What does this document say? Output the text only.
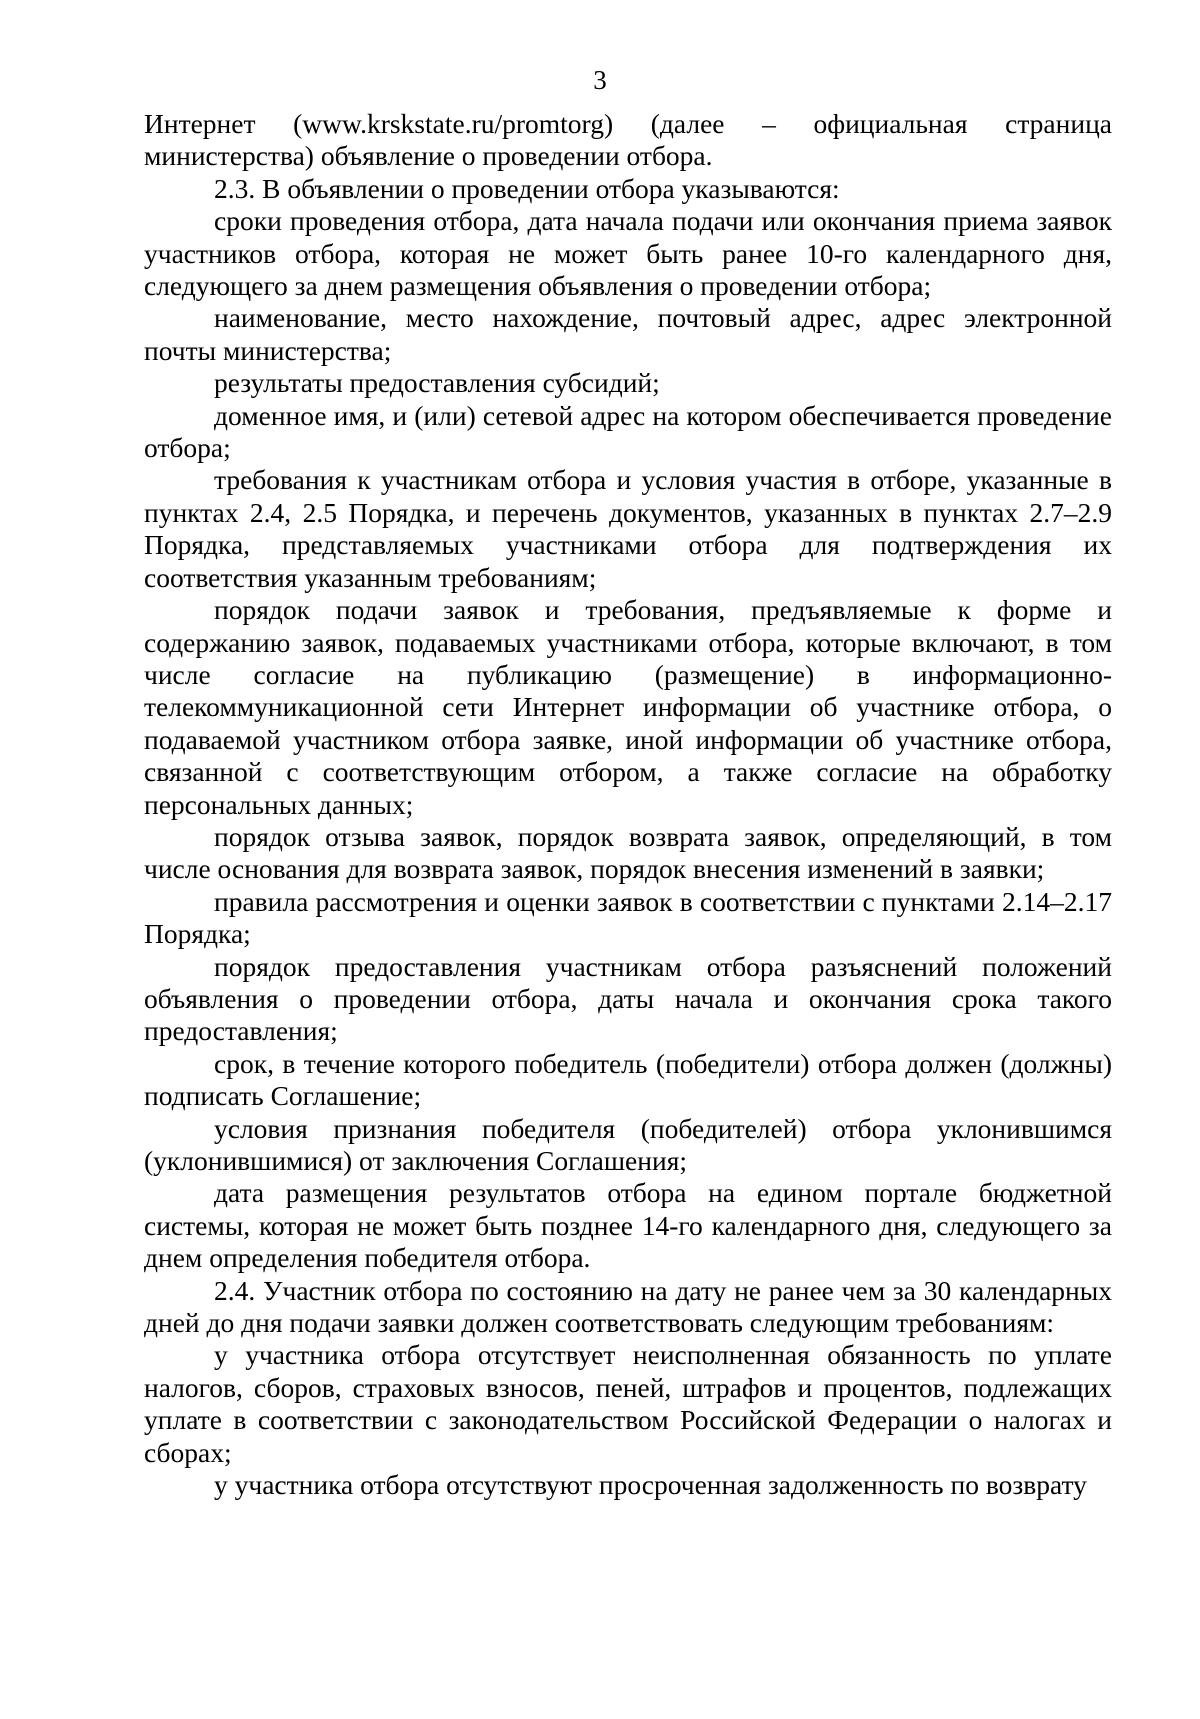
3

Интернет (www.krskstate.ru/promtorg) (далее – официальная страница министерства) объявление о проведении отбора.

2.3. В объявлении о проведении отбора указываются:

сроки проведения отбора, дата начала подачи или окончания приема заявок участников отбора, которая не может быть ранее 10-го календарного дня, следующего за днем размещения объявления о проведении отбора;

наименование, место нахождение, почтовый адрес, адрес электронной почты министерства;

результаты предоставления субсидий;

доменное имя, и (или) сетевой адрес на котором обеспечивается проведение отбора;

требования к участникам отбора и условия участия в отборе, указанные в пунктах 2.4, 2.5 Порядка, и перечень документов, указанных в пунктах 2.7–2.9 Порядка, представляемых участниками отбора для подтверждения их соответствия указанным требованиям;

порядок подачи заявок и требования, предъявляемые к форме и содержанию заявок, подаваемых участниками отбора, которые включают, в том числе согласие на публикацию (размещение) в информационно-телекоммуникационной сети Интернет информации об участнике отбора, о подаваемой участником отбора заявке, иной информации об участнике отбора, связанной с соответствующим отбором, а также согласие на обработку персональных данных;

порядок отзыва заявок, порядок возврата заявок, определяющий, в том числе основания для возврата заявок, порядок внесения изменений в заявки;

правила рассмотрения и оценки заявок в соответствии с пунктами 2.14–2.17 Порядка;

порядок предоставления участникам отбора разъяснений положений объявления о проведении отбора, даты начала и окончания срока такого предоставления;

срок, в течение которого победитель (победители) отбора должен (должны) подписать Соглашение;

условия признания победителя (победителей) отбора уклонившимся (уклонившимися) от заключения Соглашения;

дата размещения результатов отбора на едином портале бюджетной системы, которая не может быть позднее 14-го календарного дня, следующего за днем определения победителя отбора.

2.4. Участник отбора по состоянию на дату не ранее чем за 30 календарных дней до дня подачи заявки должен соответствовать следующим требованиям:

у участника отбора отсутствует неисполненная обязанность по уплате налогов, сборов, страховых взносов, пеней, штрафов и процентов, подлежащих уплате в соответствии с законодательством Российской Федерации о налогах и сборах;

у участника отбора отсутствуют просроченная задолженность по возврату
